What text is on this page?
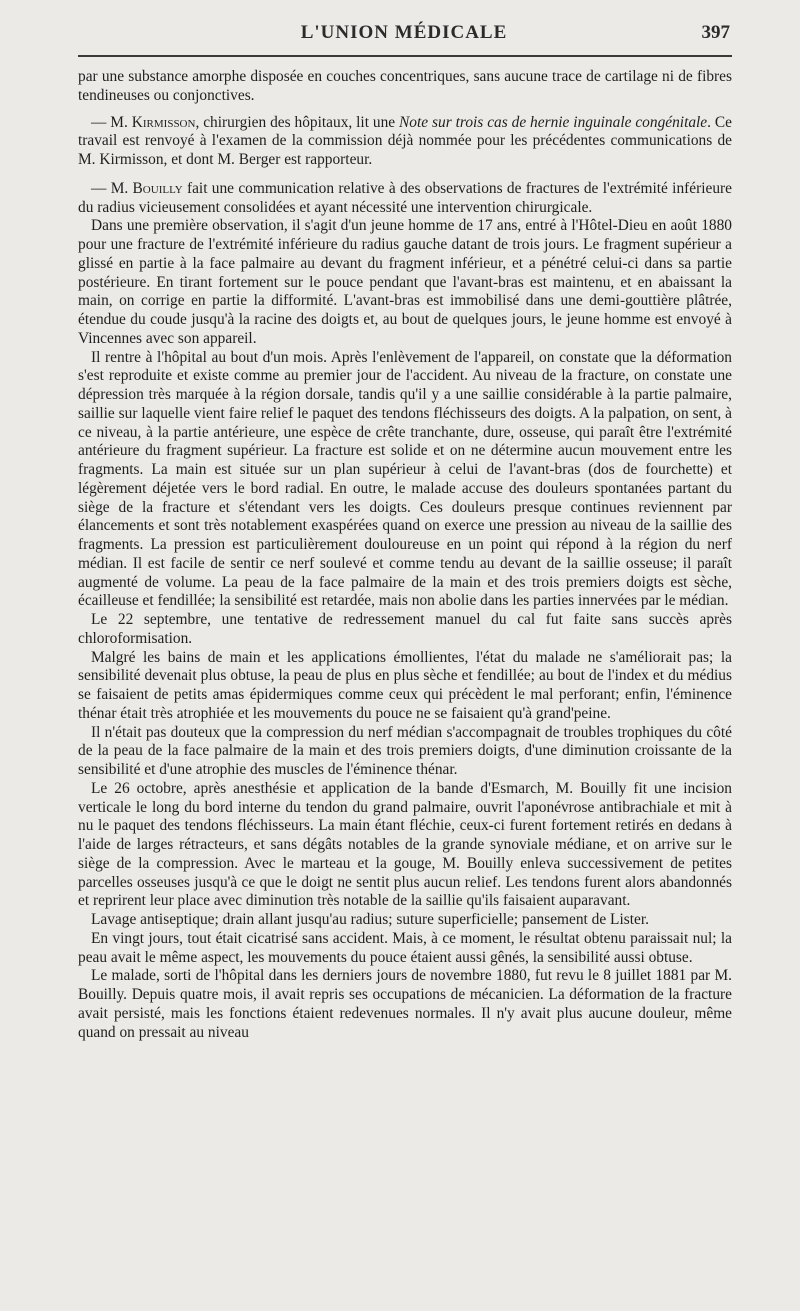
L'UNION MÉDICALE	397

par une substance amorphe disposée en couches concentriques, sans aucune trace de cartilage ni de fibres tendineuses ou conjonctives.

— M. Kirmisson, chirurgien des hôpitaux, lit une Note sur trois cas de hernie inguinale congénitale. Ce travail est renvoyé à l'examen de la commission déjà nommée pour les précédentes communications de M. Kirmisson, et dont M. Berger est rapporteur.

— M. Bouilly fait une communication relative à des observations de fractures de l'extrémité inférieure du radius vicieusement consolidées et ayant nécessité une intervention chirurgicale.

Dans une première observation, il s'agit d'un jeune homme de 17 ans, entré à l'Hôtel-Dieu en août 1880 pour une fracture de l'extrémité inférieure du radius gauche datant de trois jours. Le fragment supérieur a glissé en partie à la face palmaire au devant du fragment inférieur, et a pénétré celui-ci dans sa partie postérieure. En tirant fortement sur le pouce pendant que l'avant-bras est maintenu, et en abaissant la main, on corrige en partie la difformité. L'avant-bras est immobilisé dans une demi-gouttière plâtrée, étendue du coude jusqu'à la racine des doigts et, au bout de quelques jours, le jeune homme est envoyé à Vincennes avec son appareil.

Il rentre à l'hôpital au bout d'un mois. Après l'enlèvement de l'appareil, on constate que la déformation s'est reproduite et existe comme au premier jour de l'accident. Au niveau de la fracture, on constate une dépression très marquée à la région dorsale, tandis qu'il y a une saillie considérable à la partie palmaire, saillie sur laquelle vient faire relief le paquet des tendons fléchisseurs des doigts. A la palpation, on sent, à ce niveau, à la partie antérieure, une espèce de crête tranchante, dure, osseuse, qui paraît être l'extrémité antérieure du fragment supérieur. La fracture est solide et on ne détermine aucun mouvement entre les fragments. La main est située sur un plan supérieur à celui de l'avant-bras (dos de fourchette) et légèrement déjetée vers le bord radial. En outre, le malade accuse des douleurs spontanées partant du siège de la fracture et s'étendant vers les doigts. Ces douleurs presque continues reviennent par élancements et sont très notablement exaspérées quand on exerce une pression au niveau de la saillie des fragments. La pression est particulièrement douloureuse en un point qui répond à la région du nerf médian. Il est facile de sentir ce nerf soulevé et comme tendu au devant de la saillie osseuse; il paraît augmenté de volume. La peau de la face palmaire de la main et des trois premiers doigts est sèche, écailleuse et fendillée; la sensibilité est retardée, mais non abolie dans les parties innervées par le médian.

Le 22 septembre, une tentative de redressement manuel du cal fut faite sans succès après chloroformisation.

Malgré les bains de main et les applications émollientes, l'état du malade ne s'améliorait pas; la sensibilité devenait plus obtuse, la peau de plus en plus sèche et fendillée; au bout de l'index et du médius se faisaient de petits amas épidermiques comme ceux qui précèdent le mal perforant; enfin, l'éminence thénar était très atrophiée et les mouvements du pouce ne se faisaient qu'à grand'peine.

Il n'était pas douteux que la compression du nerf médian s'accompagnait de troubles trophiques du côté de la peau de la face palmaire de la main et des trois premiers doigts, d'une diminution croissante de la sensibilité et d'une atrophie des muscles de l'éminence thénar.

Le 26 octobre, après anesthésie et application de la bande d'Esmarch, M. Bouilly fit une incision verticale le long du bord interne du tendon du grand palmaire, ouvrit l'aponévrose antibrachiale et mit à nu le paquet des tendons fléchisseurs. La main étant fléchie, ceux-ci furent fortement retirés en dedans à l'aide de larges rétracteurs, et sans dégâts notables de la grande synoviale médiane, et on arrive sur le siège de la compression. Avec le marteau et la gouge, M. Bouilly enleva successivement de petites parcelles osseuses jusqu'à ce que le doigt ne sentit plus aucun relief. Les tendons furent alors abandonnés et reprirent leur place avec diminution très notable de la saillie qu'ils faisaient auparavant.

Lavage antiseptique; drain allant jusqu'au radius; suture superficielle; pansement de Lister.

En vingt jours, tout était cicatrisé sans accident. Mais, à ce moment, le résultat obtenu paraissait nul; la peau avait le même aspect, les mouvements du pouce étaient aussi gênés, la sensibilité aussi obtuse.

Le malade, sorti de l'hôpital dans les derniers jours de novembre 1880, fut revu le 8 juillet 1881 par M. Bouilly. Depuis quatre mois, il avait repris ses occupations de mécanicien. La déformation de la fracture avait persisté, mais les fonctions étaient redevenues normales. Il n'y avait plus aucune douleur, même quand on pressait au niveau
